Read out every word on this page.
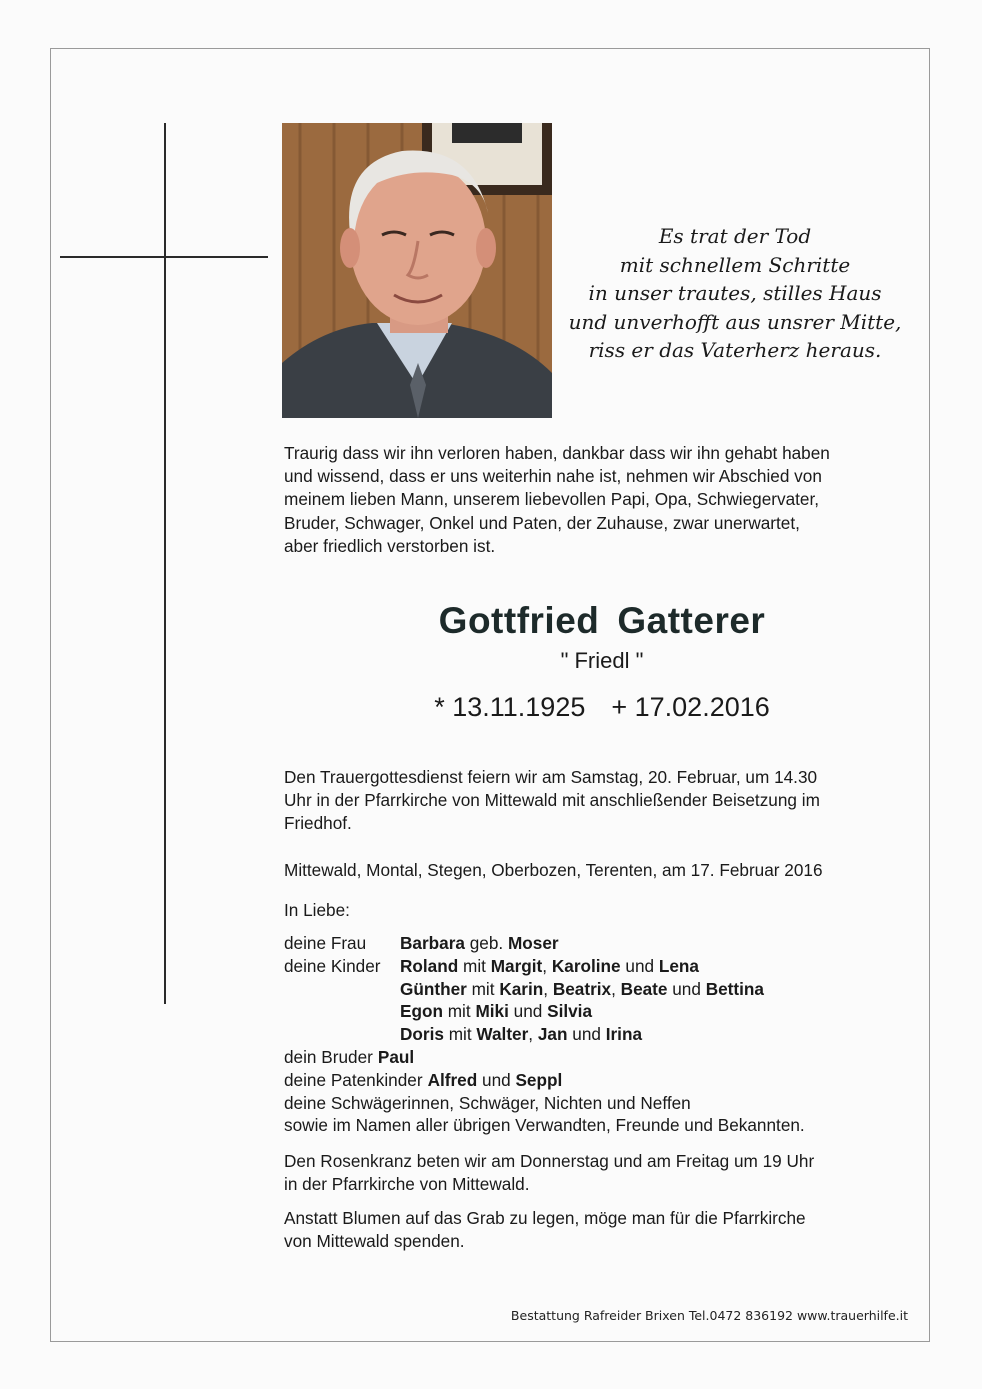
Es trat der Tod
mit schnellem Schritte
in unser trautes, stilles Haus
und unverhofft aus unsrer Mitte,
riss er das Vaterherz heraus.
Traurig dass wir ihn verloren haben, dankbar dass wir ihn gehabt haben
und wissend, dass er uns weiterhin nahe ist, nehmen wir Abschied von
meinem lieben Mann, unserem liebevollen Papi, Opa, Schwiegervater,
Bruder, Schwager, Onkel und Paten, der Zuhause, zwar unerwartet,
aber friedlich verstorben ist.
Gottfried Gatterer
" Friedl "
* 13.11.1925 + 17.02.2016
Den Trauergottesdienst feiern wir am Samstag, 20. Februar, um 14.30
Uhr in der Pfarrkirche von Mittewald mit anschließender Beisetzung im
Friedhof.
Mittewald, Montal, Stegen, Oberbozen, Terenten, am 17. Februar 2016
In Liebe:
deine Frau Barbara geb. Moser
deine Kinder Roland mit Margit, Karoline und Lena
Günther mit Karin, Beatrix, Beate und Bettina
Egon mit Miki und Silvia
Doris mit Walter, Jan und Irina
dein Bruder Paul
deine Patenkinder Alfred und Seppl
deine Schwägerinnen, Schwäger, Nichten und Neffen
sowie im Namen aller übrigen Verwandten, Freunde und Bekannten.
Den Rosenkranz beten wir am Donnerstag und am Freitag um 19 Uhr
in der Pfarrkirche von Mittewald.
Anstatt Blumen auf das Grab zu legen, möge man für die Pfarrkirche
von Mittewald spenden.
Bestattung Rafreider Brixen Tel.0472 836192 www.trauerhilfe.it
